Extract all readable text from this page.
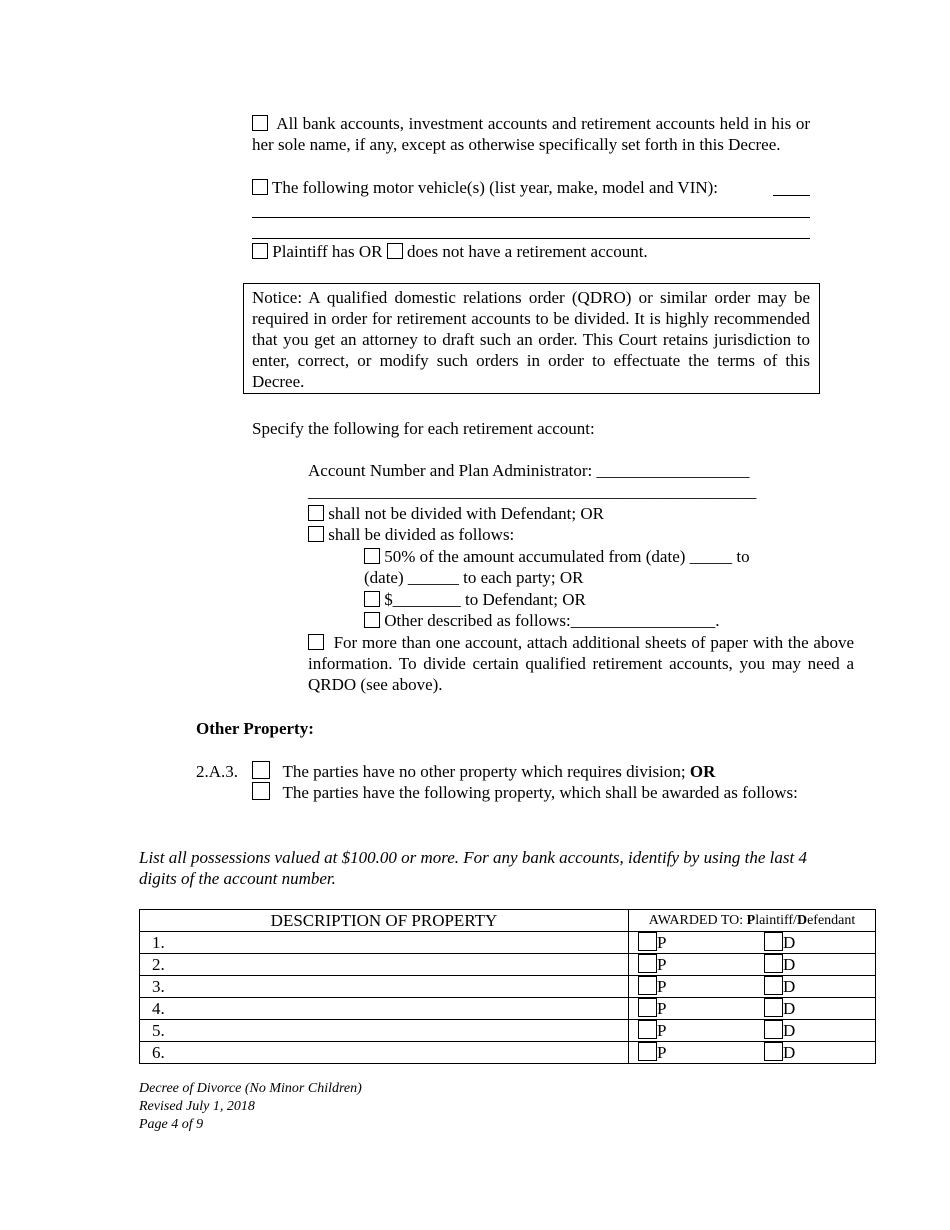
All bank accounts, investment accounts and retirement accounts held in his or her sole name, if any, except as otherwise specifically set forth in this Decree.
The following motor vehicle(s) (list year, make, model and VIN):
Plaintiff has OR does not have a retirement account.
Notice: A qualified domestic relations order (QDRO) or similar order may be required in order for retirement accounts to be divided. It is highly recommended that you get an attorney to draft such an order. This Court retains jurisdiction to enter, correct, or modify such orders in order to effectuate the terms of this Decree.
Specify the following for each retirement account:
Account Number and Plan Administrator: __________________
______________________________________________________
shall not be divided with Defendant; OR
shall be divided as follows:
50% of the amount accumulated from (date) _____ to
(date) ______ to each party; OR
$________ to Defendant; OR
Other described as follows:_________________.
For more than one account, attach additional sheets of paper with the above information. To divide certain qualified retirement accounts, you may need a QRDO (see above).
Other Property:
2.A.3.	The parties have no other property which requires division; OR
The parties have the following property, which shall be awarded as follows:
List all possessions valued at $100.00 or more. For any bank accounts, identify by using the last 4 digits of the account number.
DESCRIPTION OF PROPERTY	AWARDED TO: Plaintiff/Defendant
1.	P D

2.	P D

3.	P D

4.	P D

5.	P D

6.	P D
Decree of Divorce (No Minor Children)
Revised July 1, 2018
Page 4 of 9
